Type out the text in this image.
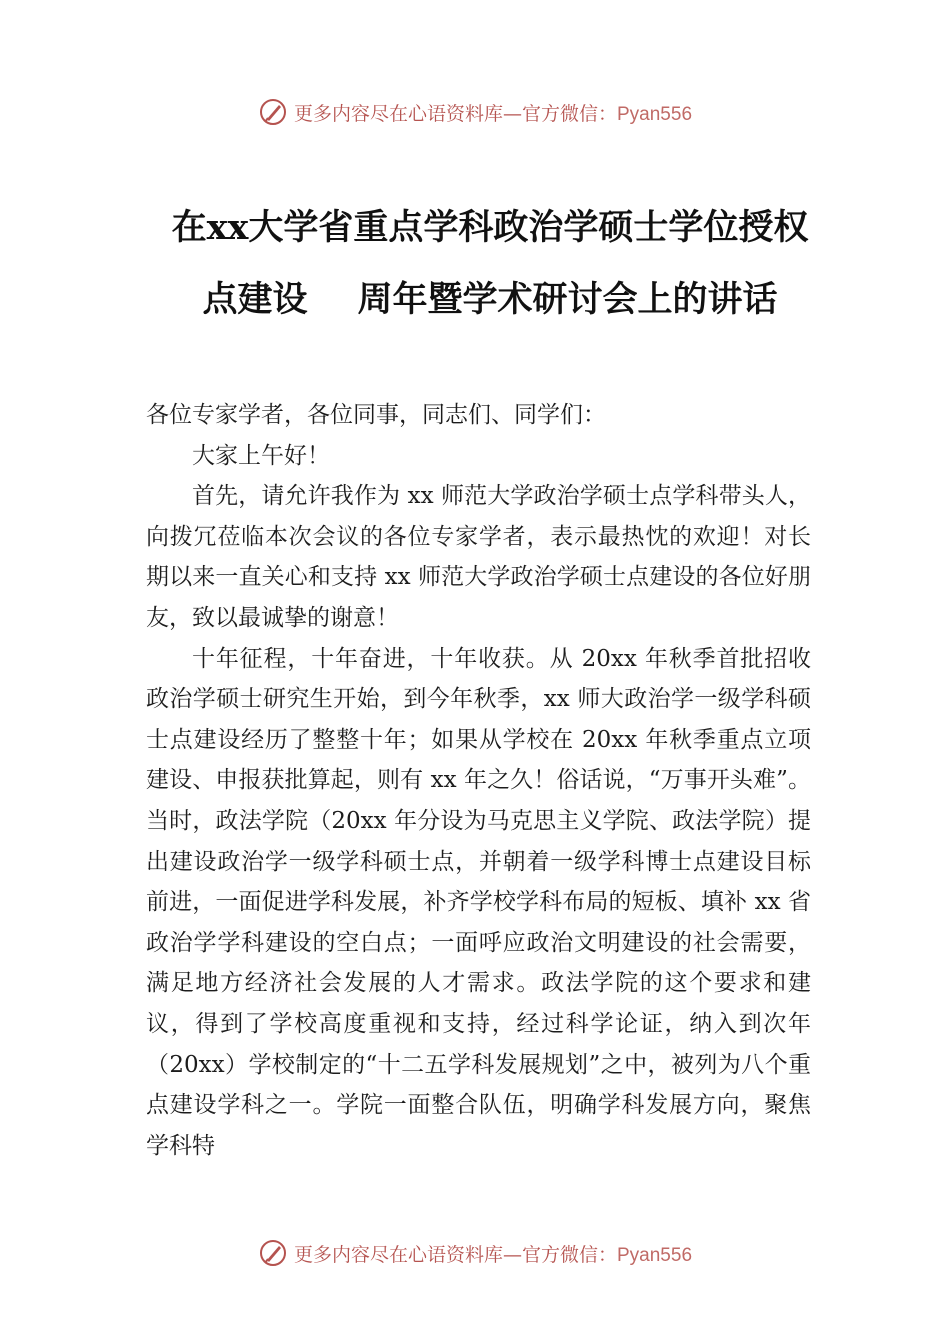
更多内容尽在心语资料库—官方微信：Pyan556
在xx大学省重点学科政治学硕士学位授权
点建设 周年暨学术研讨会上的讲话

各位专家学者，各位同事，同志们、同学们：

大家上午好！

首先，请允许我作为 xx 师范大学政治学硕士点学科带头人，向拨冗莅临本次会议的各位专家学者，表示最热忱的欢迎！对长期以来一直关心和支持 xx 师范大学政治学硕士点建设的各位好朋友，致以最诚挚的谢意！

十年征程，十年奋进，十年收获。从 20xx 年秋季首批招收政治学硕士研究生开始，到今年秋季，xx 师大政治学一级学科硕士点建设经历了整整十年；如果从学校在 20xx 年秋季重点立项建设、申报获批算起，则有 xx 年之久！俗话说，“万事开头难”。当时，政法学院（20xx 年分设为马克思主义学院、政法学院）提出建设政治学一级学科硕士点，并朝着一级学科博士点建设目标前进，一面促进学科发展，补齐学校学科布局的短板、填补 xx 省政治学学科建设的空白点；一面呼应政治文明建设的社会需要，满足地方经济社会发展的人才需求。政法学院的这个要求和建议，得到了学校高度重视和支持，经过科学论证，纳入到次年（20xx）学校制定的“十二五学科发展规划”之中，被列为八个重点建设学科之一。学院一面整合队伍，明确学科发展方向，聚焦学科特

更多内容尽在心语资料库—官方微信：Pyan556
